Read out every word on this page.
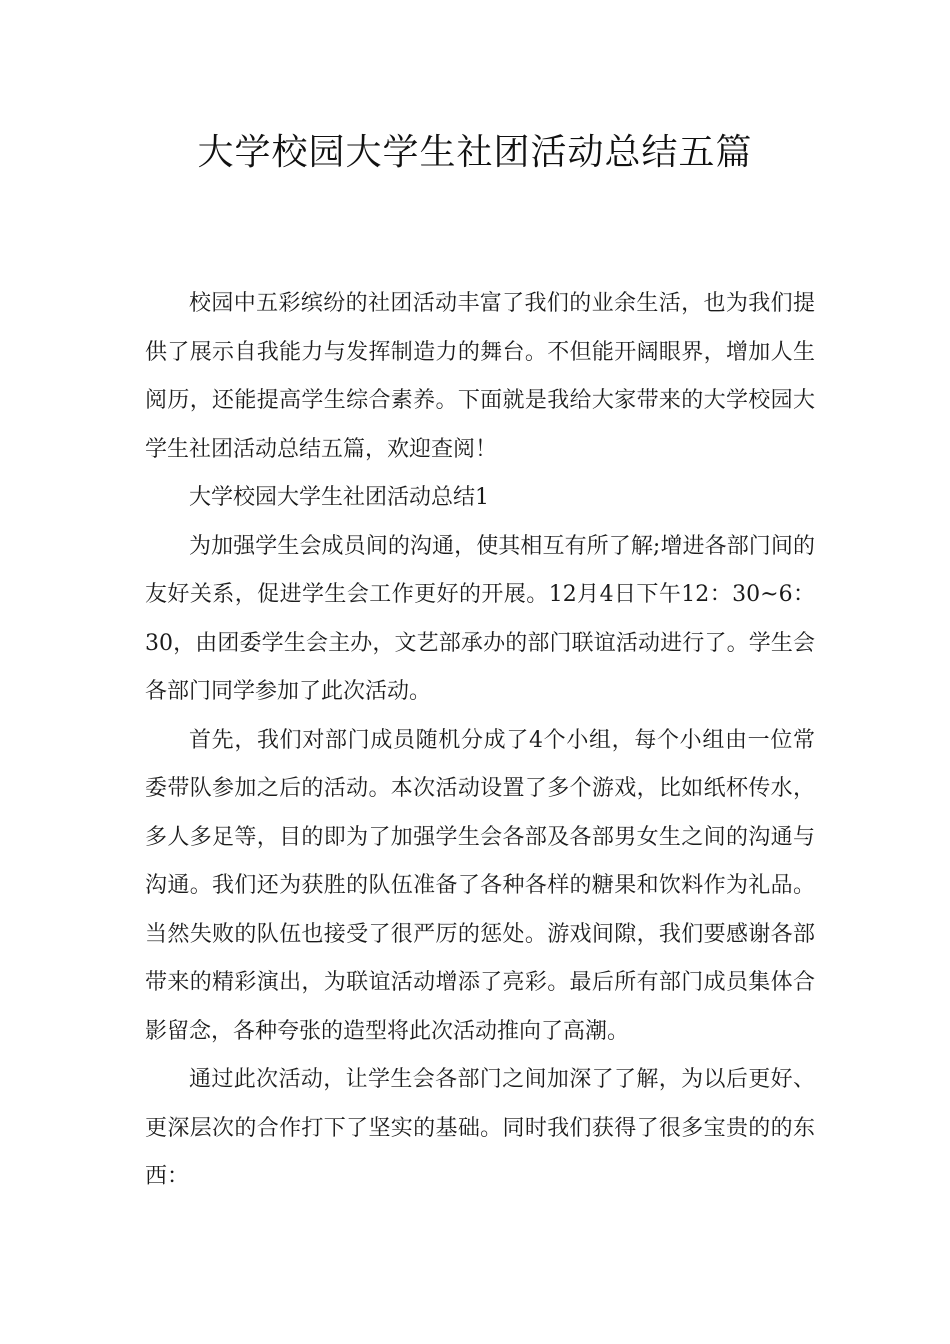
大学校园大学生社团活动总结五篇

校园中五彩缤纷的社团活动丰富了我们的业余生活，也为我们提供了展示自我能力与发挥制造力的舞台。不但能开阔眼界，增加人生阅历，还能提高学生综合素养。下面就是我给大家带来的大学校园大学生社团活动总结五篇，欢迎查阅！

大学校园大学生社团活动总结1

为加强学生会成员间的沟通，使其相互有所了解;增进各部门间的友好关系，促进学生会工作更好的开展。12月4日下午12：30~6：30，由团委学生会主办，文艺部承办的部门联谊活动进行了。学生会各部门同学参加了此次活动。

首先，我们对部门成员随机分成了4个小组，每个小组由一位常委带队参加之后的活动。本次活动设置了多个游戏，比如纸杯传水，多人多足等，目的即为了加强学生会各部及各部男女生之间的沟通与沟通。我们还为获胜的队伍准备了各种各样的糖果和饮料作为礼品。当然失败的队伍也接受了很严厉的惩处。游戏间隙，我们要感谢各部带来的精彩演出，为联谊活动增添了亮彩。最后所有部门成员集体合影留念，各种夸张的造型将此次活动推向了高潮。

通过此次活动，让学生会各部门之间加深了了解，为以后更好、更深层次的合作打下了坚实的基础。同时我们获得了很多宝贵的的东西：
